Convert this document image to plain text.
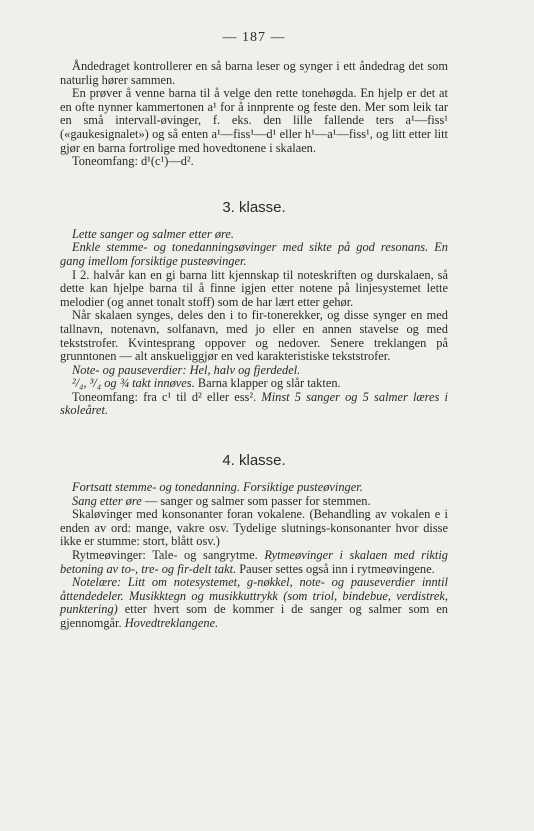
— 187 —

Åndedraget kontrollerer en så barna leser og synger i ett åndedrag det som naturlig hører sammen.

En prøver å venne barna til å velge den rette tonehøgda. En hjelp er det at en ofte nynner kammertonen a¹ for å innprente og feste den. Mer som leik tar en små intervall-øvinger, f. eks. den lille fallende ters a¹—fiss¹ («gaukesignalet») og så enten a¹—fiss¹—d¹ eller h¹—a¹—fiss¹, og litt etter litt gjør en barna fortrolige med hovedtonene i skalaen.

Toneomfang: d¹(c¹)—d².

3. klasse.

Lette sanger og salmer etter øre.

Enkle stemme- og tonedanningsøvinger med sikte på god resonans. En gang imellom forsiktige pusteøvinger.

I 2. halvår kan en gi barna litt kjennskap til noteskriften og durskalaen, så dette kan hjelpe barna til å finne igjen etter notene på linjesystemet lette melodier (og annet tonalt stoff) som de har lært etter gehør.

Når skalaen synges, deles den i to fir-tonerekker, og disse synger en med tallnavn, notenavn, solfanavn, med jo eller en annen stavelse og med tekststrofer. Kvintesprang oppover og nedover. Senere treklangen på grunntonen — alt anskueliggjør en ved karakteristiske tekststrofer.

Note- og pauseverdier: Hel, halv og fjerdedel.

²/₄, ³/₄ og ¾ takt innøves. Barna klapper og slår takten.

Toneomfang: fra c¹ til d² eller ess². Minst 5 sanger og 5 salmer læres i skoleåret.

4. klasse.

Fortsatt stemme- og tonedanning. Forsiktige pusteøvinger.

Sang etter øre — sanger og salmer som passer for stemmen.

Skaløvinger med konsonanter foran vokalene. (Behandling av vokalen e i enden av ord: mange, vakre osv. Tydelige slutnings-konsonanter hvor disse ikke er stumme: stort, blått osv.)

Rytmeøvinger: Tale- og sangrytme. Rytmeøvinger i skalaen med riktig betoning av to-, tre- og fir-delt takt. Pauser settes også inn i rytmeøvingene.

Notelære: Litt om notesystemet, g-nøkkel, note- og pauseverdier inntil åttendedeler. Musikktegn og musikkuttrykk (som triol, bindebue, verdistrek, punktering) etter hvert som de kommer i de sanger og salmer som en gjennomgår. Hovedtreklangene.
